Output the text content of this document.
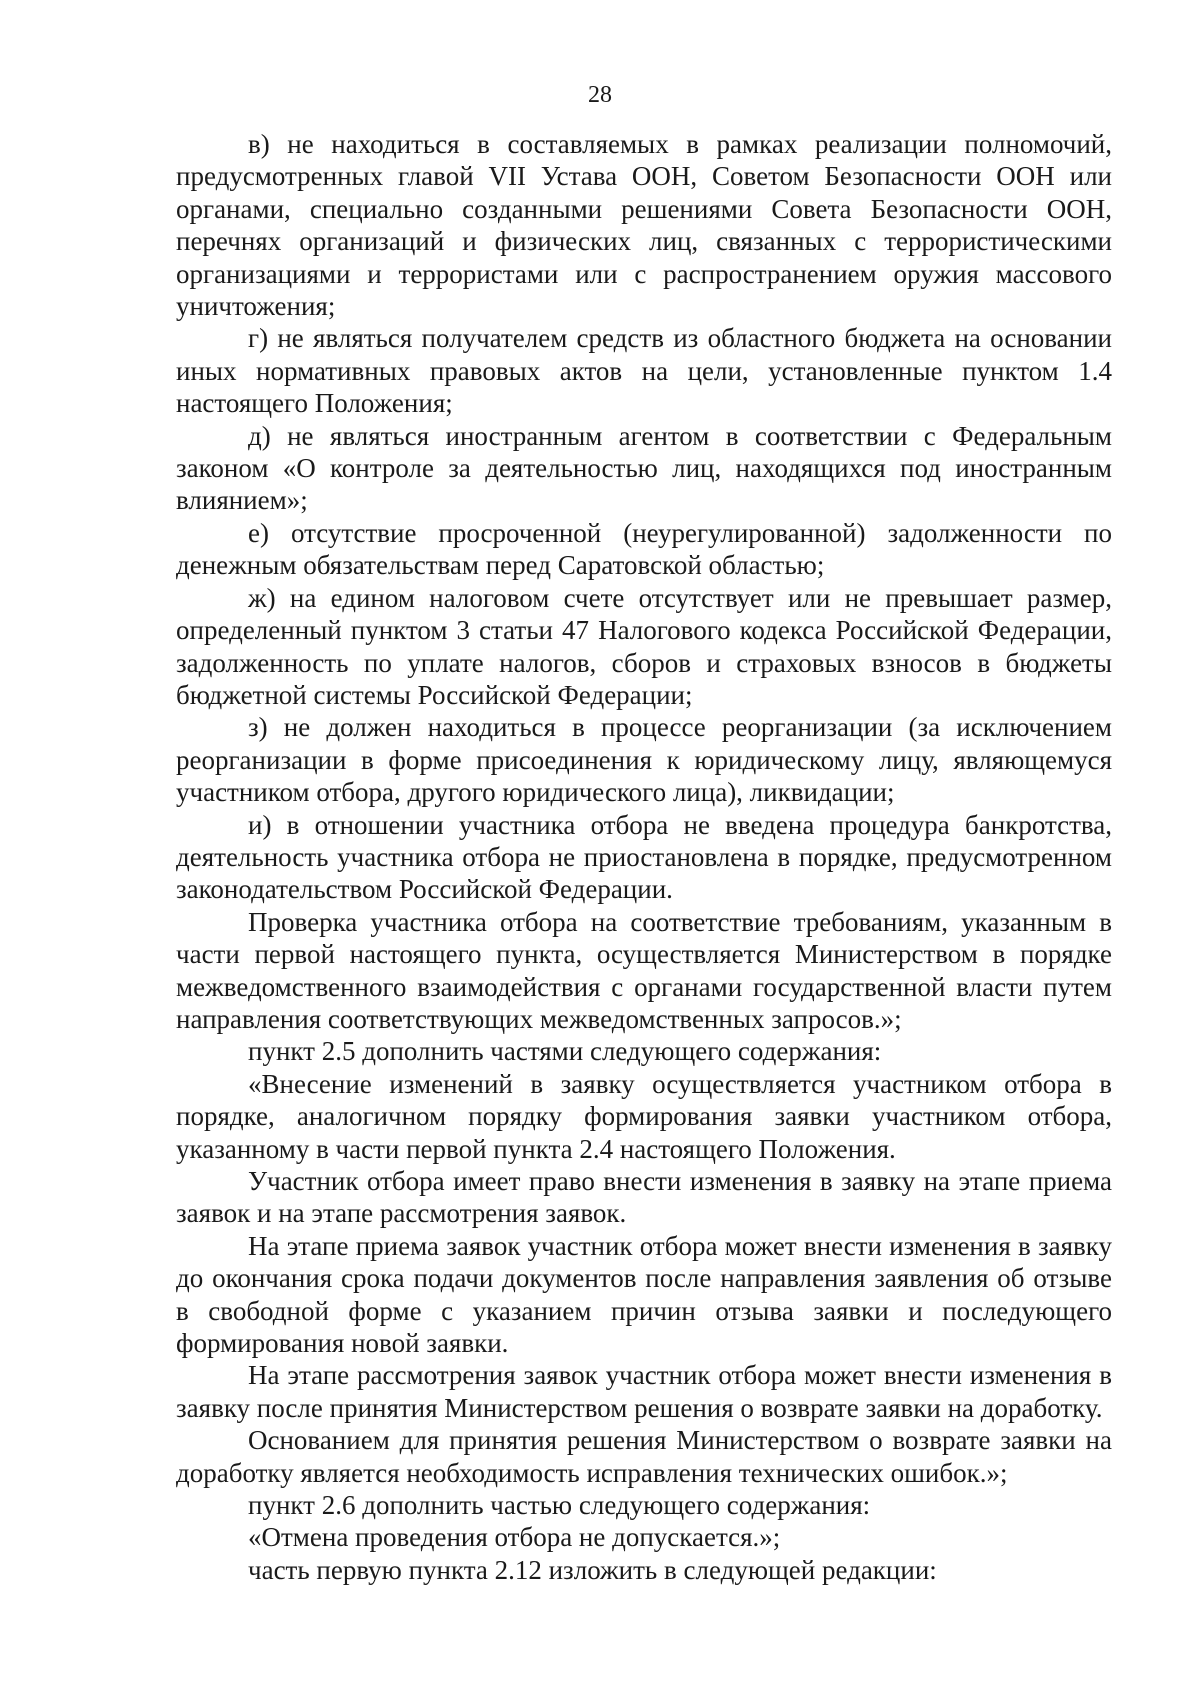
28

в) не находиться в составляемых в рамках реализации полномочий, предусмотренных главой VII Устава ООН, Советом Безопасности ООН или органами, специально созданными решениями Совета Безопасности ООН, перечнях организаций и физических лиц, связанных с террористическими организациями и террористами или с распространением оружия массового уничтожения;

г) не являться получателем средств из областного бюджета на основании иных нормативных правовых актов на цели, установленные пунктом 1.4 настоящего Положения;

д) не являться иностранным агентом в соответствии с Федеральным законом «О контроле за деятельностью лиц, находящихся под иностранным влиянием»;

е) отсутствие просроченной (неурегулированной) задолженности по денежным обязательствам перед Саратовской областью;

ж) на едином налоговом счете отсутствует или не превышает размер, определенный пунктом 3 статьи 47 Налогового кодекса Российской Федерации, задолженность по уплате налогов, сборов и страховых взносов в бюджеты бюджетной системы Российской Федерации;

з) не должен находиться в процессе реорганизации (за исключением реорганизации в форме присоединения к юридическому лицу, являющемуся участником отбора, другого юридического лица), ликвидации;

и) в отношении участника отбора не введена процедура банкротства, деятельность участника отбора не приостановлена в порядке, предусмотренном законодательством Российской Федерации.

Проверка участника отбора на соответствие требованиям, указанным в части первой настоящего пункта, осуществляется Министерством в порядке межведомственного взаимодействия с органами государственной власти путем направления соответствующих межведомственных запросов.»;

пункт 2.5 дополнить частями следующего содержания:

«Внесение изменений в заявку осуществляется участником отбора в порядке, аналогичном порядку формирования заявки участником отбора, указанному в части первой пункта 2.4 настоящего Положения.

Участник отбора имеет право внести изменения в заявку на этапе приема заявок и на этапе рассмотрения заявок.

На этапе приема заявок участник отбора может внести изменения в заявку до окончания срока подачи документов после направления заявления об отзыве в свободной форме с указанием причин отзыва заявки и последующего формирования новой заявки.

На этапе рассмотрения заявок участник отбора может внести изменения в заявку после принятия Министерством решения о возврате заявки на доработку.

Основанием для принятия решения Министерством о возврате заявки на доработку является необходимость исправления технических ошибок.»;

пункт 2.6 дополнить частью следующего содержания:

«Отмена проведения отбора не допускается.»;

часть первую пункта 2.12 изложить в следующей редакции:
